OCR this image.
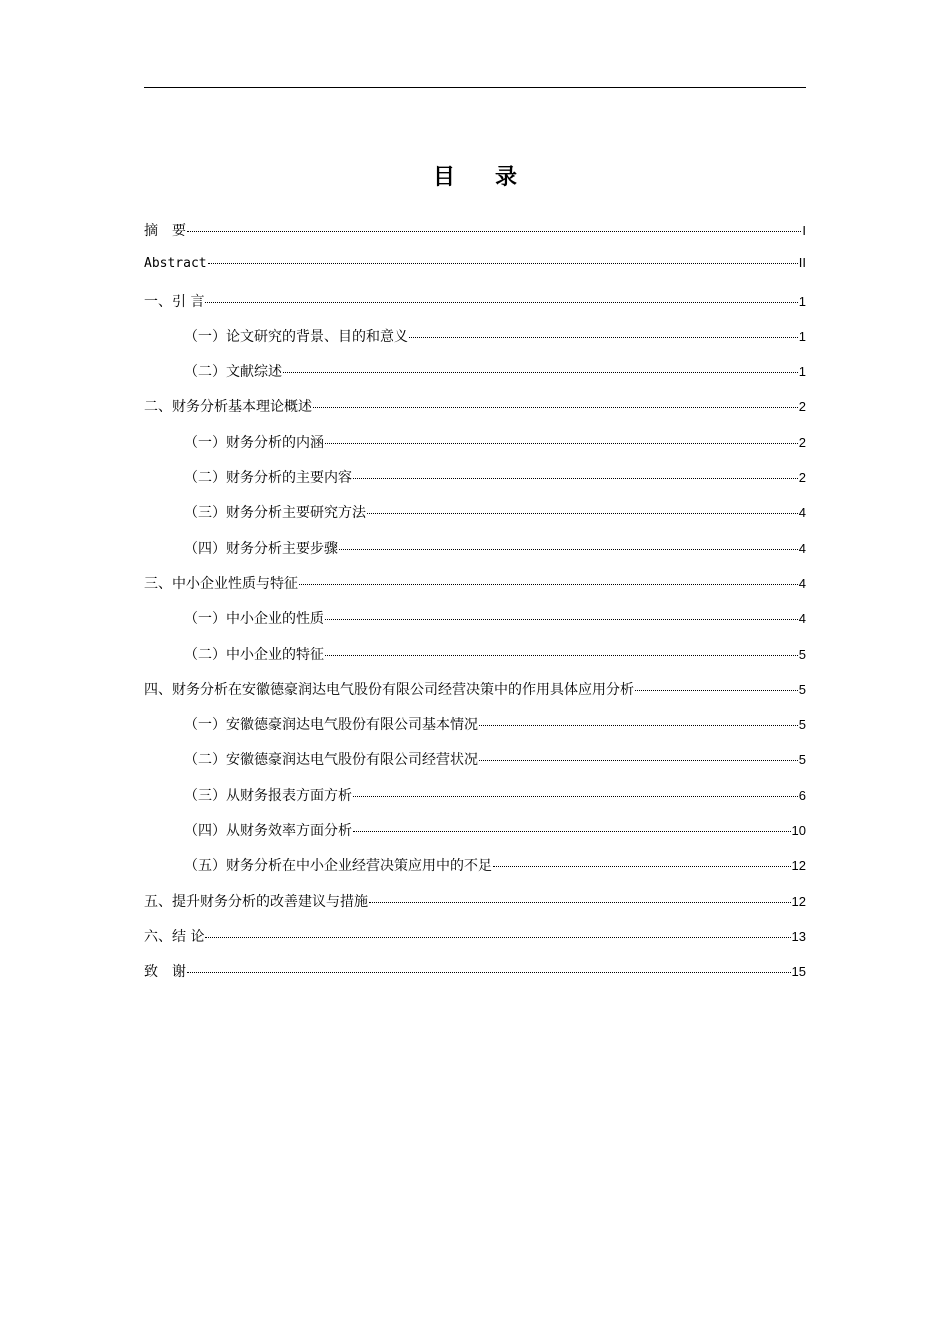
目 录
摘　要	I
Abstract	II
一、引 言	1
（一）论文研究的背景、目的和意义	1
（二）文献综述	1
二、财务分析基本理论概述	2
（一）财务分析的内涵	2
（二）财务分析的主要内容	2
（三）财务分析主要研究方法	4
（四）财务分析主要步骤	4
三、中小企业性质与特征	4
（一）中小企业的性质	4
（二）中小企业的特征	5
四、财务分析在安徽德豪润达电气股份有限公司经营决策中的作用具体应用分析	5
（一）安徽德豪润达电气股份有限公司基本情况	5
（二）安徽德豪润达电气股份有限公司经营状况	5
（三）从财务报表方面方析	6
（四）从财务效率方面分析	10
（五）财务分析在中小企业经营决策应用中的不足	12
五、提升财务分析的改善建议与措施	12
六、结 论	13
致　谢	15
